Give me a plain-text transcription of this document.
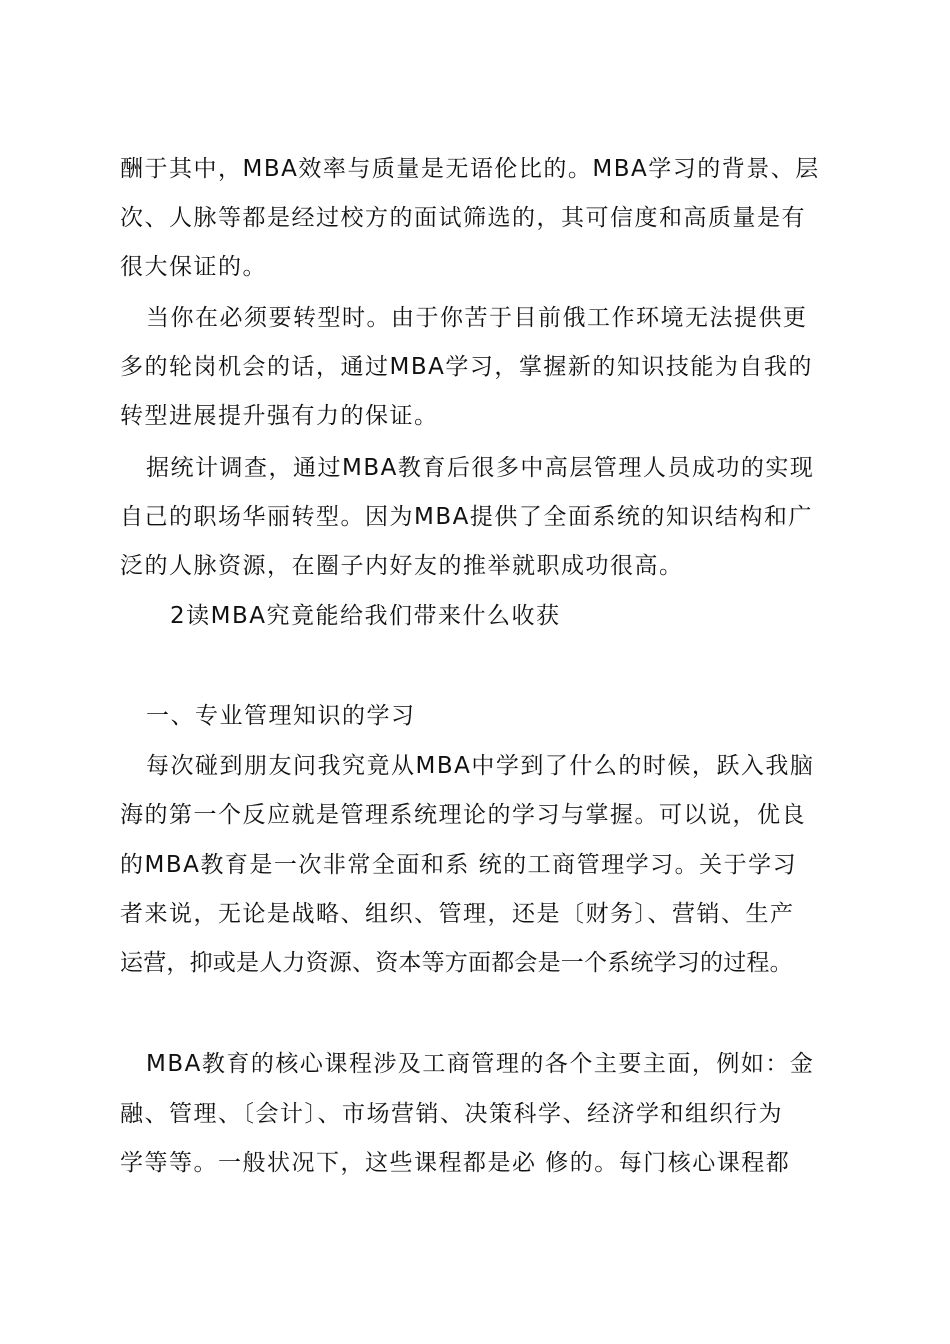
酬于其中，MBA效率与质量是无语伦比的。MBA学习的背景、层
次、人脉等都是经过校方的面试筛选的，其可信度和高质量是有
很大保证的。
当你在必须要转型时。由于你苦于目前俄工作环境无法提供更
多的轮岗机会的话，通过MBA学习，掌握新的知识技能为自我的
转型进展提升强有力的保证。
据统计调查，通过MBA教育后很多中高层管理人员成功的实现
自己的职场华丽转型。因为MBA提供了全面系统的知识结构和广
泛的人脉资源，在圈子内好友的推举就职成功很高。
2读MBA究竟能给我们带来什么收获
一、专业管理知识的学习
每次碰到朋友问我究竟从MBA中学到了什么的时候，跃入我脑
海的第一个反应就是管理系统理论的学习与掌握。可以说，优良
的MBA教育是一次非常全面和系 统的工商管理学习。关于学习
者来说，无论是战略、组织、管理，还是〔财务〕、营销、生产
运营，抑或是人力资源、资本等方面都会是一个系统学习的过程。
MBA教育的核心课程涉及工商管理的各个主要主面，例如：金
融、管理、〔会计〕、市场营销、决策科学、经济学和组织行为
学等等。一般状况下，这些课程都是必 修的。每门核心课程都
